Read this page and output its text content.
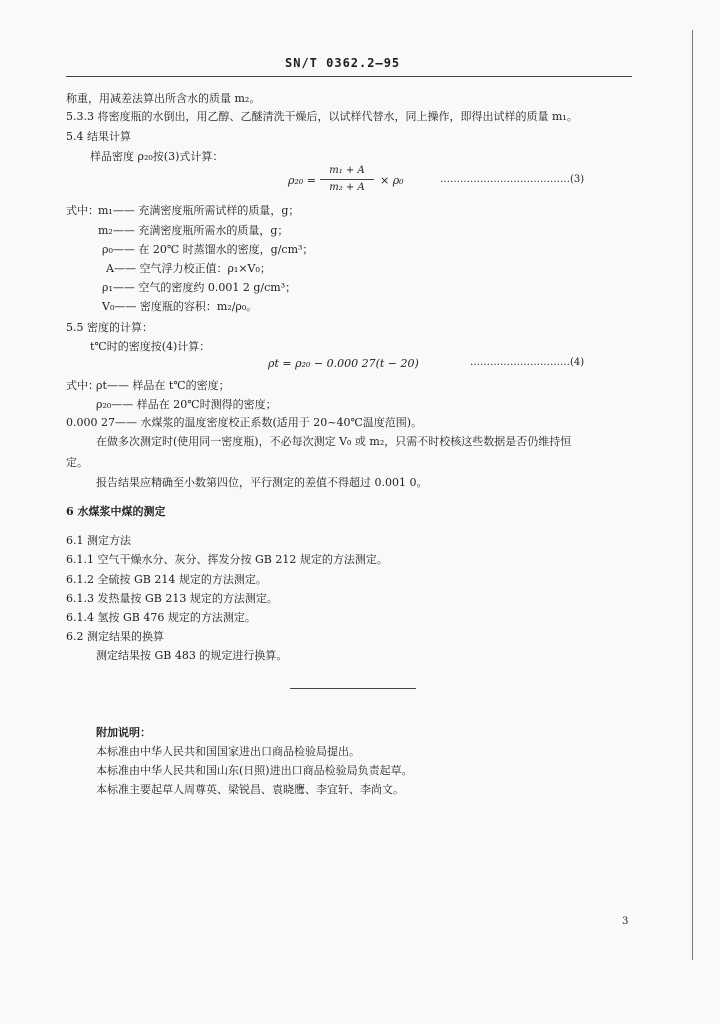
SN/T 0362.2—95
称重，用减差法算出所含水的质量 m₂。
5.3.3 将密度瓶的水倒出，用乙醇、乙醚清洗干燥后，以试样代替水，同上操作，即得出试样的质量 m₁。
5.4 结果计算
样品密度 ρ₂₀按(3)式计算：
ρ₂₀ =
m₁ + A
m₂ + A
× ρ₀	…………………………………(3)
式中： m₁—— 充满密度瓶所需试样的质量，g；
m₂—— 充满密度瓶所需水的质量，g；
ρ₀—— 在 20℃ 时蒸馏水的密度，g/cm³；
A—— 空气浮力校正值：ρ₁×V₀；
ρ₁—— 空气的密度约 0.001 2 g/cm³；
V₀—— 密度瓶的容积：m₂/ρ₀。
5.5 密度的计算：
t℃时的密度按(4)计算：
ρt = ρ₂₀ − 0.000 27(t − 20)	…………………………(4)
式中：
ρt—— 样品在 t℃的密度；
ρ₂₀—— 样品在 20℃时测得的密度；
0.000 27—— 水煤浆的温度密度校正系数(适用于 20~40℃温度范围)。
在做多次测定时(使用同一密度瓶)，不必每次测定 V₀ 或 m₂，只需不时校核这些数据是否仍维持恒
定。
报告结果应精确至小数第四位，平行测定的差值不得超过 0.001 0。
6 水煤浆中煤的测定
6.1 测定方法
6.1.1 空气干燥水分、灰分、挥发分按 GB 212 规定的方法测定。
6.1.2 全硫按 GB 214 规定的方法测定。
6.1.3 发热量按 GB 213 规定的方法测定。
6.1.4 氢按 GB 476 规定的方法测定。
6.2 测定结果的换算
测定结果按 GB 483 的规定进行换算。
附加说明：
本标准由中华人民共和国国家进出口商品检验局提出。
本标准由中华人民共和国山东(日照)进出口商品检验局负责起草。
本标准主要起草人周尊英、梁锐昌、袁晓鹰、李宜轩、李尚文。
3
